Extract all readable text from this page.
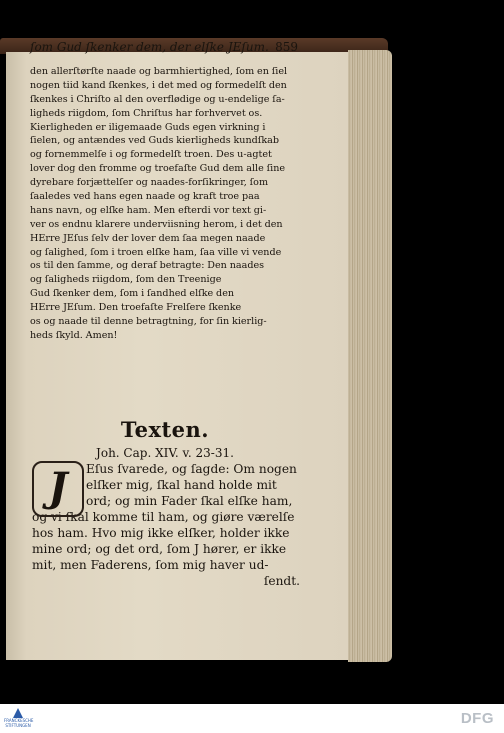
ſom Gud ſkenker dem, der elſke JEſum. 859
den allerſtørſte naade og barmhiertighed, ſom en ſiel
nogen tiid kand ſkenkes, i det med og formedelſt den
ſkenkes i Chriſto al den overflødige og u-endelige ſa-
ligheds riigdom, ſom Chriſtus har forhvervet os.
Kierligheden er iligemaade Guds egen virkning i
ſielen, og antændes ved Guds kierligheds kundſkab
og fornemmelſe i og formedelſt troen. Des u-agtet
lover dog den fromme og troefaſte Gud dem alle ſine
dyrebare forjættelſer og naades-forſikringer, ſom
ſaaledes ved hans egen naade og kraft troe paa
hans navn, og elſke ham. Men efterdi vor text gi-
ver os endnu klarere underviisning herom, i det den
HErre JEſus ſelv der lover dem ſaa megen naade
og ſalighed, ſom i troen elſke ham, ſaa ville vi vende
os til den ſamme, og deraf betragte: Den naades
og ſaligheds riigdom, ſom den Treenige
Gud ſkenker dem, ſom i ſandhed elſke den
HErre JEſum. Den troefaſte Frelſere ſkenke
os og naade til denne betragtning, for ſin kierlig-
heds ſkyld. Amen!
Texten.
Joh. Cap. XIV. v. 23-31.
J	Eſus ſvarede, og ſagde: Om nogen
elſker mig, ſkal hand holde mit
ord; og min Fader ſkal elſke ham,
og vi ſkal komme til ham, og giøre værelſe
hos ham. Hvo mig ikke elſker, holder ikke
mine ord; og det ord, ſom J hører, er ikke
mit, men Faderens, ſom mig haver ud-
ſendt.
FRANCKESCHE STIFTUNGEN	DFG
